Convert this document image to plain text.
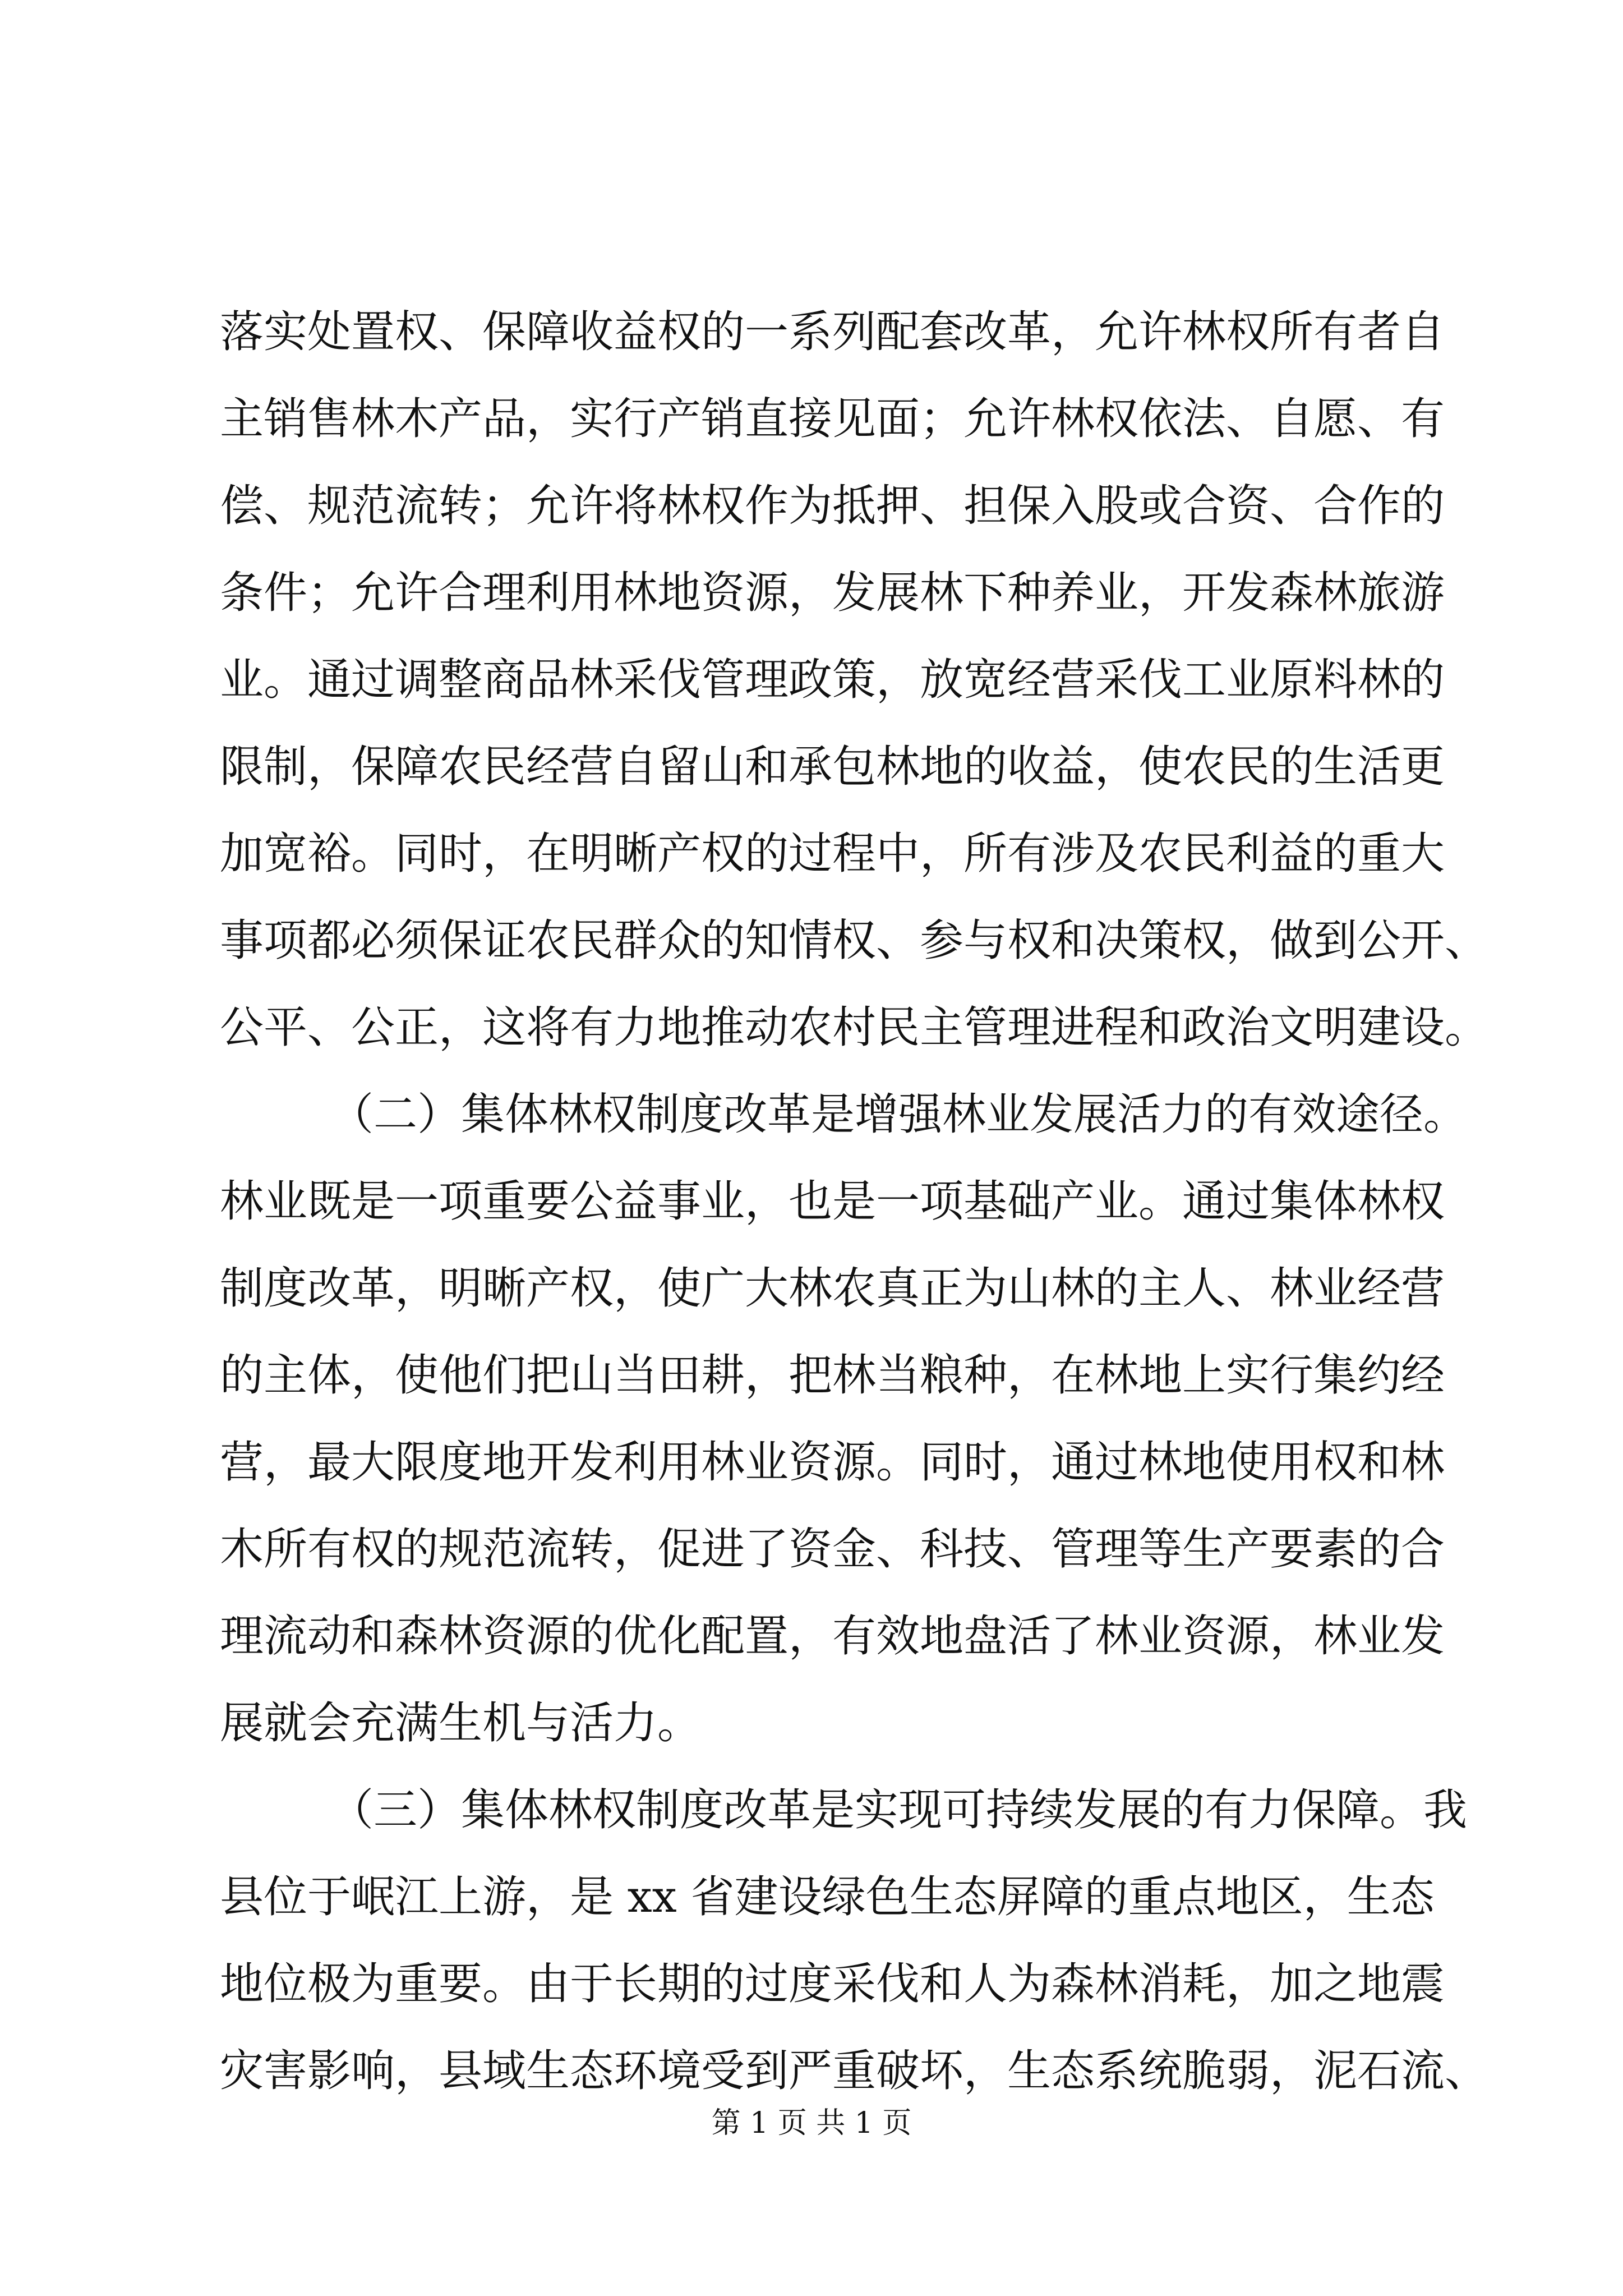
落实处置权、保障收益权的一系列配套改革，允许林权所有者自
主销售林木产品，实行产销直接见面；允许林权依法、自愿、有
偿、规范流转；允许将林权作为抵押、担保入股或合资、合作的
条件；允许合理利用林地资源，发展林下种养业，开发森林旅游
业。通过调整商品林采伐管理政策，放宽经营采伐工业原料林的
限制，保障农民经营自留山和承包林地的收益，使农民的生活更
加宽裕。同时，在明晰产权的过程中，所有涉及农民利益的重大
事项都必须保证农民群众的知情权、参与权和决策权，做到公开、
公平、公正，这将有力地推动农村民主管理进程和政治文明建设。
（二）集体林权制度改革是增强林业发展活力的有效途径。
林业既是一项重要公益事业，也是一项基础产业。通过集体林权
制度改革，明晰产权，使广大林农真正为山林的主人、林业经营
的主体，使他们把山当田耕，把林当粮种，在林地上实行集约经
营，最大限度地开发利用林业资源。同时，通过林地使用权和林
木所有权的规范流转，促进了资金、科技、管理等生产要素的合
理流动和森林资源的优化配置，有效地盘活了林业资源，林业发
展就会充满生机与活力。
（三）集体林权制度改革是实现可持续发展的有力保障。我
县位于岷江上游，是 xx 省建设绿色生态屏障的重点地区，生态
地位极为重要。由于长期的过度采伐和人为森林消耗，加之地震
灾害影响，县域生态环境受到严重破坏，生态系统脆弱，泥石流、
第 1 页 共 1 页
